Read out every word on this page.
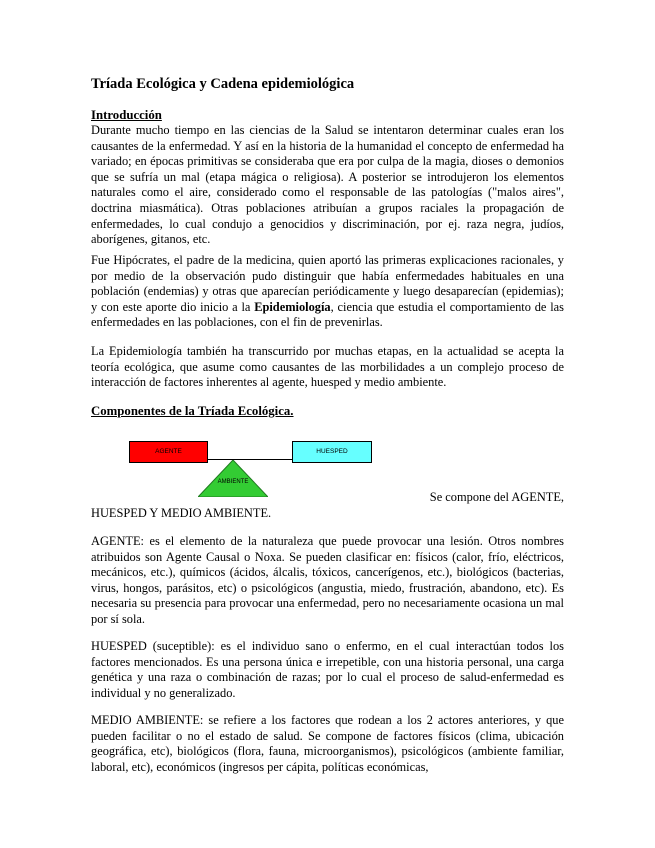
Tríada Ecológica y Cadena epidemiológica
Introducción

Durante mucho tiempo en las ciencias de la Salud se intentaron determinar cuales eran los causantes de la enfermedad. Y así en la historia de la humanidad el concepto de enfermedad ha variado; en épocas primitivas se consideraba que era por culpa de la magia, dioses o demonios que se sufría un mal (etapa mágica o religiosa). A posterior se introdujeron los elementos naturales como el aire, considerado como el responsable de las patologías ("malos aires", doctrina miasmática). Otras poblaciones atribuían a grupos raciales la propagación de enfermedades, lo cual condujo a genocidios y discriminación, por ej. raza negra, judíos, aborígenes, gitanos, etc.

Fue Hipócrates, el padre de la medicina, quien aportó las primeras explicaciones racionales, y por medio de la observación pudo distinguir que había enfermedades habituales en una población (endemias) y otras que aparecían periódicamente y luego desaparecían (epidemias); y con este aporte dio inicio a la Epidemiología, ciencia que estudia el comportamiento de las enfermedades en las poblaciones, con el fin de prevenirlas.

La Epidemiología también ha transcurrido por muchas etapas, en la actualidad se acepta la teoría ecológica, que asume como causantes de las morbilidades a un complejo proceso de interacción de factores inherentes al agente, huesped y medio ambiente.

Componentes de la Tríada Ecológica.
AGENTE	HUESPED
AMBIENTE
Se compone del AGENTE,
HUESPED Y MEDIO AMBIENTE.

AGENTE: es el elemento de la naturaleza que puede provocar una lesión. Otros nombres atribuidos son Agente Causal o Noxa. Se pueden clasificar en: físicos (calor, frío, eléctricos, mecánicos, etc.), químicos (ácidos, álcalis, tóxicos, cancerígenos, etc.), biológicos (bacterias, virus, hongos, parásitos, etc) o psicológicos (angustia, miedo, frustración, abandono, etc). Es necesaria su presencia para provocar una enfermedad, pero no necesariamente ocasiona un mal por sí sola.

HUESPED (suceptible): es el individuo sano o enfermo, en el cual interactúan todos los factores mencionados. Es una persona única e irrepetible, con una historia personal, una carga genética y una raza o combinación de razas; por lo cual el proceso de salud-enfermedad es individual y no generalizado.

MEDIO AMBIENTE: se refiere a los factores que rodean a los 2 actores anteriores, y que pueden facilitar o no el estado de salud. Se compone de factores físicos (clima, ubicación geográfica, etc), biológicos (flora, fauna, microorganismos), psicológicos (ambiente familiar, laboral, etc), económicos (ingresos per cápita, políticas económicas,
